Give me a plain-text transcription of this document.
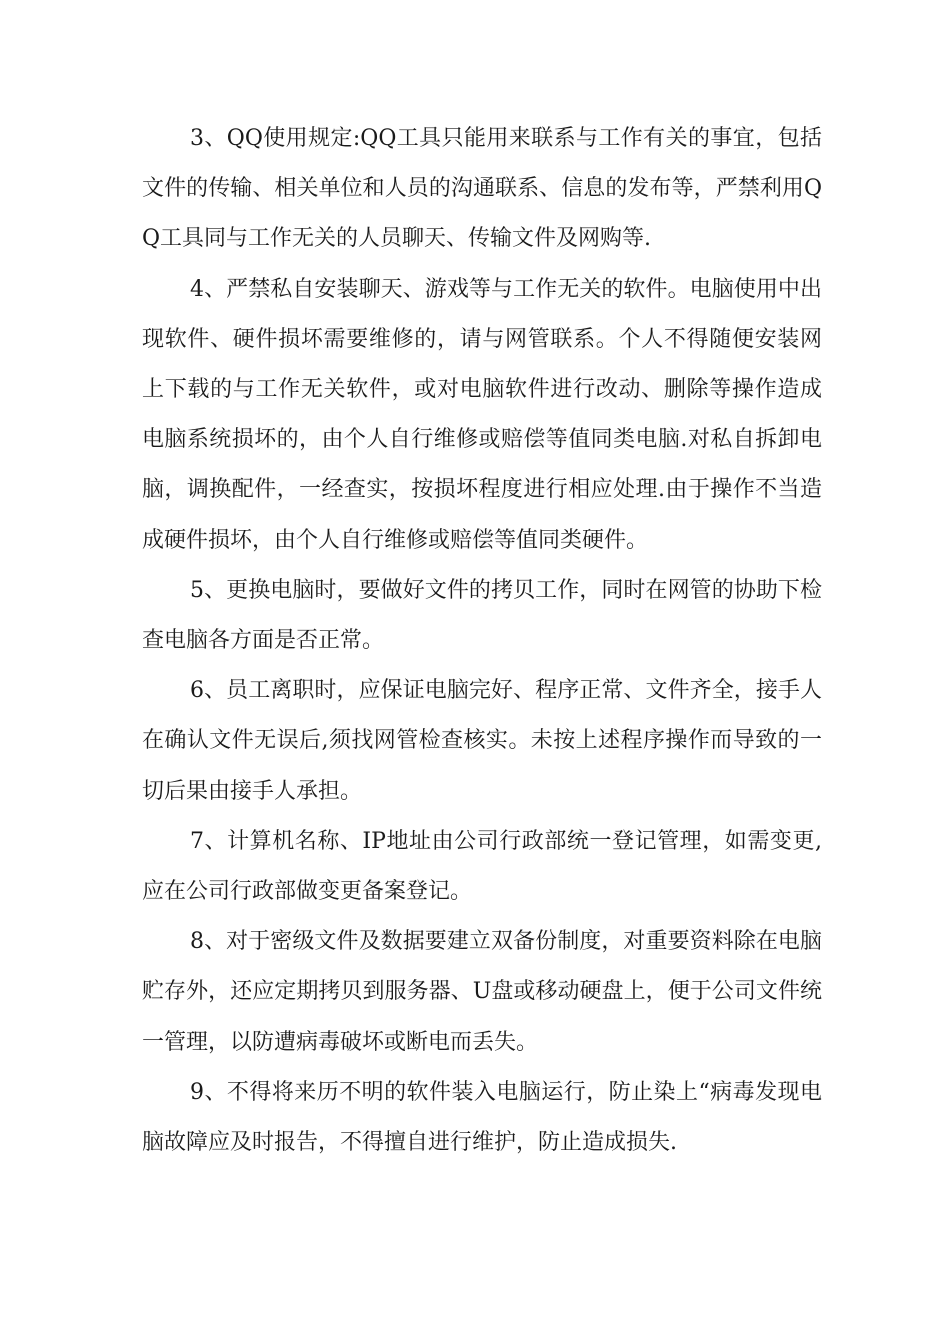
3、QQ使用规定:QQ工具只能用来联系与工作有关的事宜，包括文件的传输、相关单位和人员的沟通联系、信息的发布等，严禁利用QQ工具同与工作无关的人员聊天、传输文件及网购等.

4、严禁私自安装聊天、游戏等与工作无关的软件。电脑使用中出现软件、硬件损坏需要维修的，请与网管联系。个人不得随便安装网上下载的与工作无关软件，或对电脑软件进行改动、删除等操作造成电脑系统损坏的，由个人自行维修或赔偿等值同类电脑.对私自拆卸电脑，调换配件，一经查实，按损坏程度进行相应处理.由于操作不当造成硬件损坏，由个人自行维修或赔偿等值同类硬件。

5、更换电脑时，要做好文件的拷贝工作，同时在网管的协助下检查电脑各方面是否正常。

6、员工离职时，应保证电脑完好、程序正常、文件齐全，接手人在确认文件无误后,须找网管检查核实。未按上述程序操作而导致的一切后果由接手人承担。

7、计算机名称、IP地址由公司行政部统一登记管理，如需变更,应在公司行政部做变更备案登记。

8、对于密级文件及数据要建立双备份制度，对重要资料除在电脑贮存外，还应定期拷贝到服务器、U盘或移动硬盘上，便于公司文件统一管理，以防遭病毒破坏或断电而丢失。

9、不得将来历不明的软件装入电脑运行，防止染上“病毒发现电脑故障应及时报告，不得擅自进行维护，防止造成损失.
